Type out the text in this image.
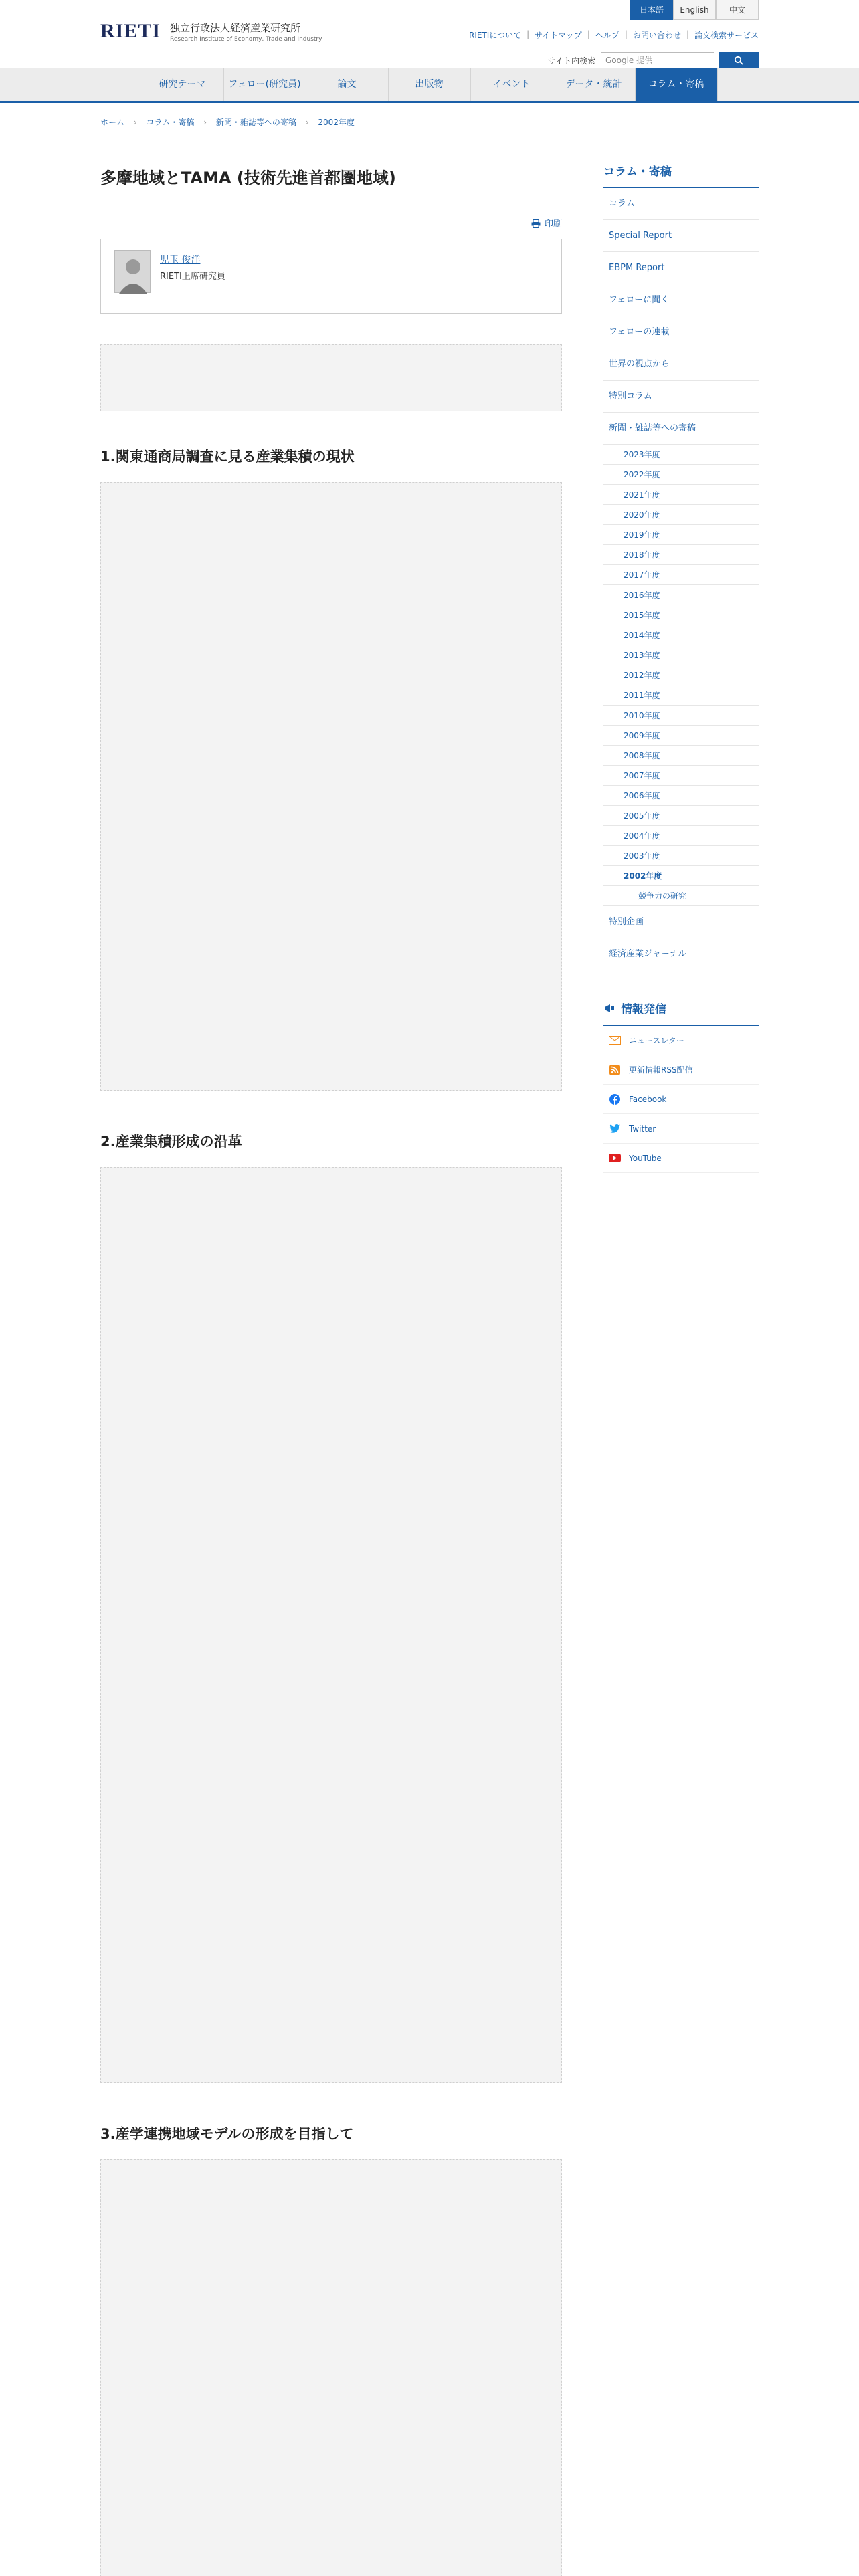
RIETI 独立行政法人経済産業研究所
Research Institute of Economy, Trade and Industry
日本語	English	中文
RIETIについて | サイトマップ | ヘルプ | お問い合わせ | 論文検索サービス
サイト内検索	Google 提供
研究テーマ	フェロー(研究員)	論文	出版物	イベント	データ・統計	コラム・寄稿
ホーム › コラム・寄稿 › 新聞・雑誌等への寄稿 › 2002年度
多摩地域とTAMA (技術先進首都圏地域)
印刷
児玉 俊洋
RIETI上席研究員
1.関東通商局調査に見る産業集積の現状
2.産業集積形成の沿革
3.産学連携地域モデルの形成を目指して
コラム・寄稿
コラム
Special Report
EBPM Report
フェローに聞く
フェローの連載
世界の視点から
特別コラム
新聞・雑誌等への寄稿
2023年度
2022年度
2021年度
2020年度
2019年度
2018年度
2017年度
2016年度
2015年度
2014年度
2013年度
2012年度
2011年度
2010年度
2009年度
2008年度
2007年度
2006年度
2005年度
2004年度
2003年度
2002年度
競争力の研究
特別企画
経済産業ジャーナル
情報発信
ニュースレター
更新情報RSS配信
Facebook
Twitter
YouTube
